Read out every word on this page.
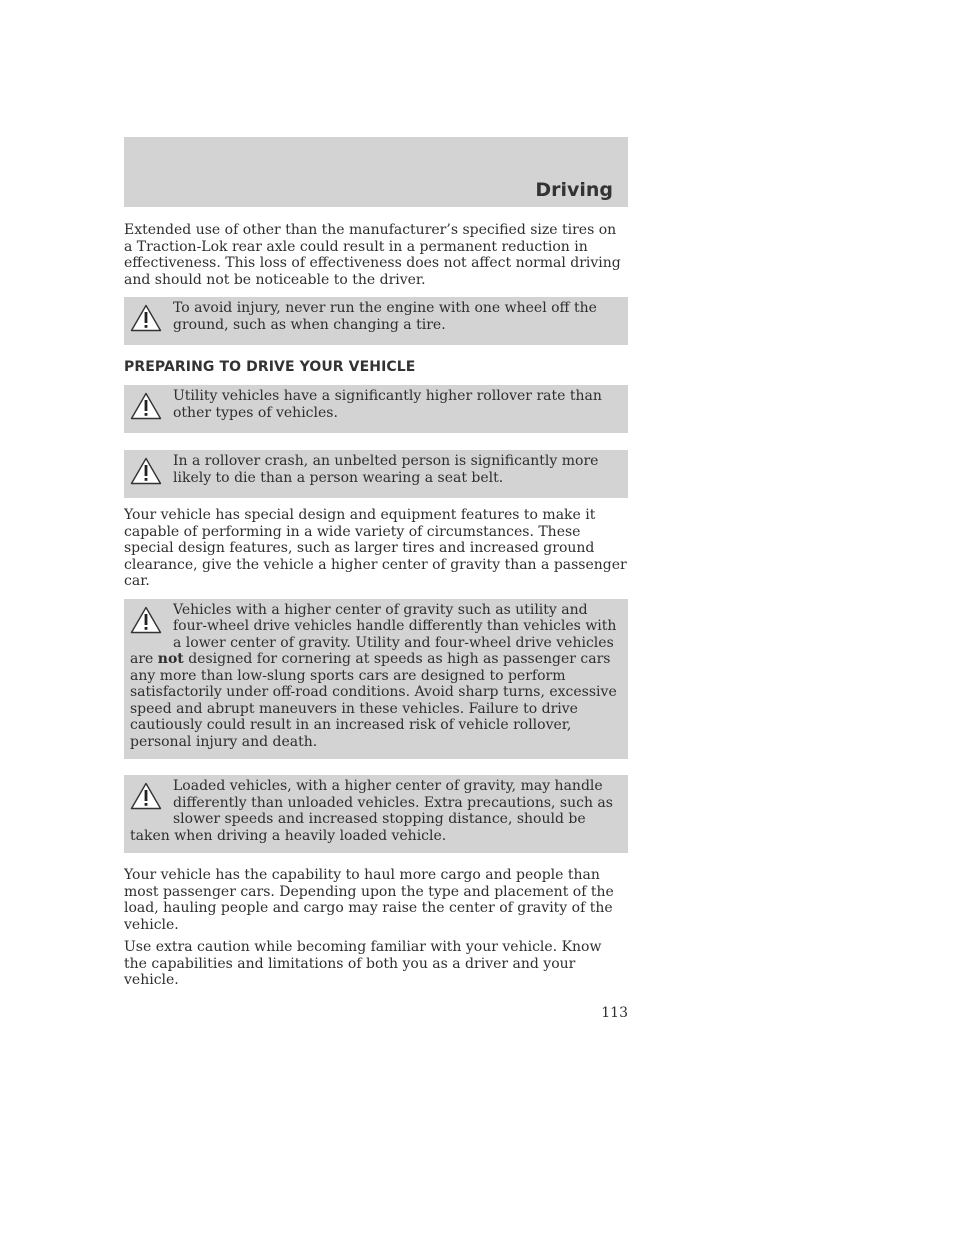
Driving

Extended use of other than the manufacturer’s specified size tires on a Traction-Lok rear axle could result in a permanent reduction in effectiveness. This loss of effectiveness does not affect normal driving and should not be noticeable to the driver.

To avoid injury, never run the engine with one wheel off the ground, such as when changing a tire.

PREPARING TO DRIVE YOUR VEHICLE

Utility vehicles have a significantly higher rollover rate than other types of vehicles.

In a rollover crash, an unbelted person is significantly more likely to die than a person wearing a seat belt.

Your vehicle has special design and equipment features to make it capable of performing in a wide variety of circumstances. These special design features, such as larger tires and increased ground clearance, give the vehicle a higher center of gravity than a passenger car.

Vehicles with a higher center of gravity such as utility and four-wheel drive vehicles handle differently than vehicles with a lower center of gravity. Utility and four-wheel drive vehicles are not designed for cornering at speeds as high as passenger cars any more than low-slung sports cars are designed to perform satisfactorily under off-road conditions. Avoid sharp turns, excessive speed and abrupt maneuvers in these vehicles. Failure to drive cautiously could result in an increased risk of vehicle rollover, personal injury and death.

Loaded vehicles, with a higher center of gravity, may handle differently than unloaded vehicles. Extra precautions, such as slower speeds and increased stopping distance, should be taken when driving a heavily loaded vehicle.

Your vehicle has the capability to haul more cargo and people than most passenger cars. Depending upon the type and placement of the load, hauling people and cargo may raise the center of gravity of the vehicle.

Use extra caution while becoming familiar with your vehicle. Know the capabilities and limitations of both you as a driver and your vehicle.

113
